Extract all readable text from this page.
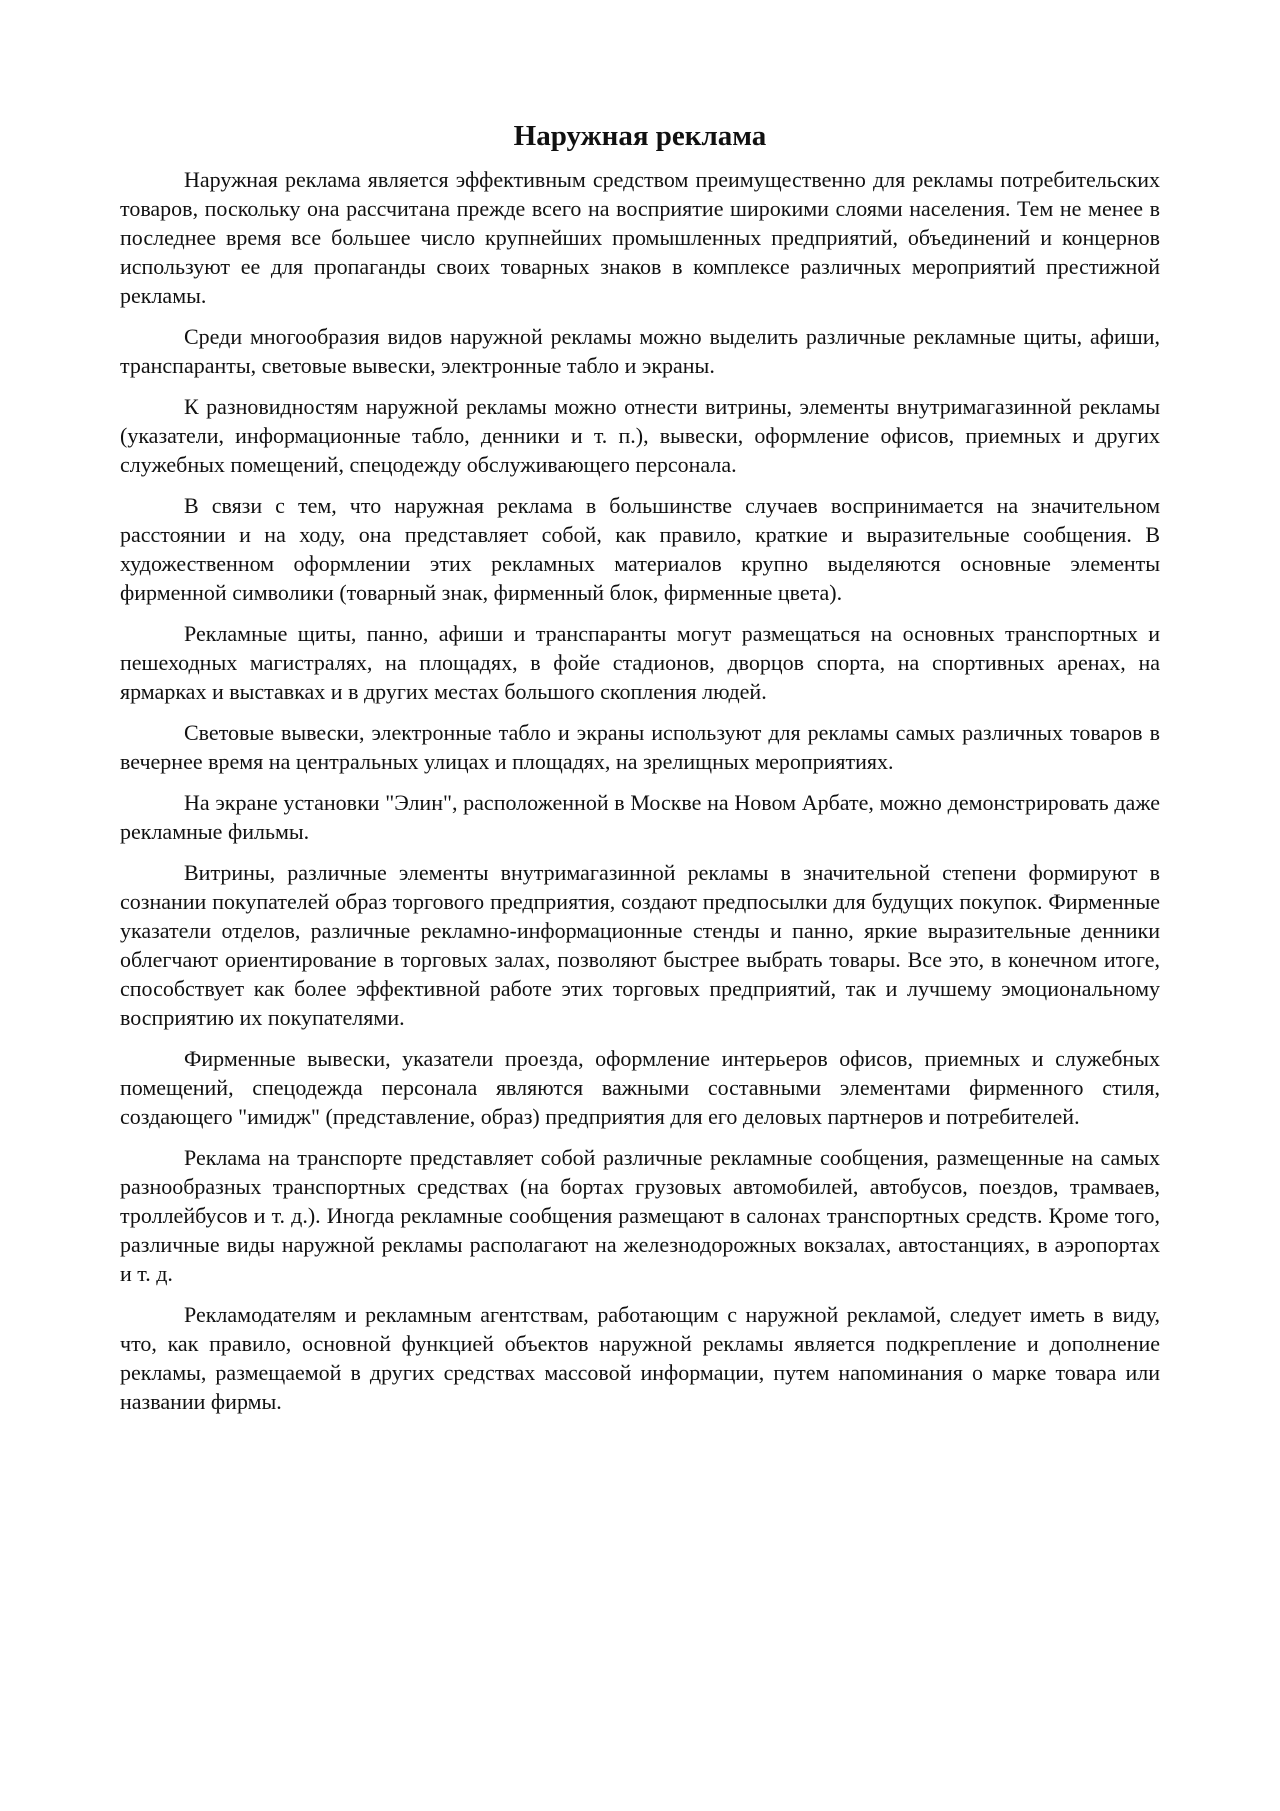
Наружная реклама

Наружная реклама является эффективным средством преимущественно для рекламы потребительских товаров, поскольку она рассчитана прежде всего на восприятие широкими слоями населения. Тем не менее в последнее время все большее число крупнейших промышленных предприятий, объединений и концернов используют ее для пропаганды своих товарных знаков в комплексе различных мероприятий престижной рекламы.

Среди многообразия видов наружной рекламы можно выделить различные рекламные щиты, афиши, транспаранты, световые вывески, электронные табло и экраны.

К разновидностям наружной рекламы можно отнести витрины, элементы внутримагазинной рекламы (указатели, информационные табло, денники и т. п.), вывески, оформление офисов, приемных и других служебных помещений, спецодежду обслуживающего персонала.

В связи с тем, что наружная реклама в большинстве случаев воспринимается на значительном расстоянии и на ходу, она представляет собой, как правило, краткие и выразительные сообщения. В художественном оформлении этих рекламных материалов крупно выделяются основные элементы фирменной символики (товарный знак, фирменный блок, фирменные цвета).

Рекламные щиты, панно, афиши и транспаранты могут размещаться на основных транспортных и пешеходных магистралях, на площадях, в фойе стадионов, дворцов спорта, на спортивных аренах, на ярмарках и выставках и в других местах большого скопления людей.

Световые вывески, электронные табло и экраны используют для рекламы самых различных товаров в вечернее время на центральных улицах и площадях, на зрелищных мероприятиях.

На экране установки "Элин", расположенной в Москве на Новом Арбате, можно демонстрировать даже рекламные фильмы.

Витрины, различные элементы внутримагазинной рекламы в значительной степени формируют в сознании покупателей образ торгового предприятия, создают предпосылки для будущих покупок. Фирменные указатели отделов, различные рекламно-информационные стенды и панно, яркие выразительные денники облегчают ориентирование в торговых залах, позволяют быстрее выбрать товары. Все это, в конечном итоге, способствует как более эффективной работе этих торговых предприятий, так и лучшему эмоциональному восприятию их покупателями.

Фирменные вывески, указатели проезда, оформление интерьеров офисов, приемных и служебных помещений, спецодежда персонала являются важными составными элементами фирменного стиля, создающего "имидж" (представление, образ) предприятия для его деловых партнеров и потребителей.

Реклама на транспорте представляет собой различные рекламные сообщения, размещенные на самых разнообразных транспортных средствах (на бортах грузовых автомобилей, автобусов, поездов, трамваев, троллейбусов и т. д.). Иногда рекламные сообщения размещают в салонах транспортных средств. Кроме того, различные виды наружной рекламы располагают на железнодорожных вокзалах, автостанциях, в аэропортах и т. д.

Рекламодателям и рекламным агентствам, работающим с наружной рекламой, следует иметь в виду, что, как правило, основной функцией объектов наружной рекламы является подкрепление и дополнение рекламы, размещаемой в других средствах массовой информации, путем напоминания о марке товара или названии фирмы.
